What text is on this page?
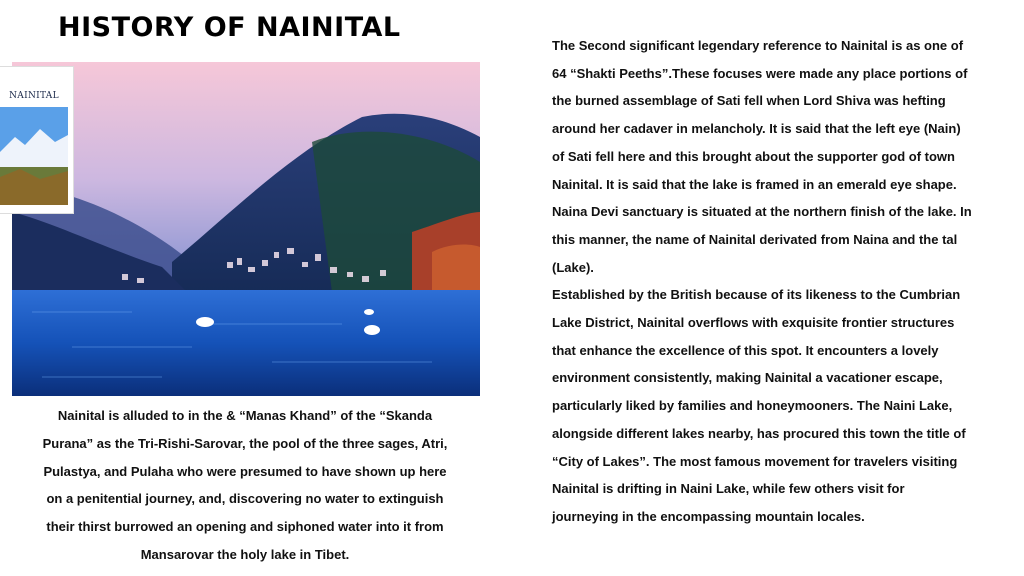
HISTORY OF NAINITAL
NAINITAL

Nainital is alluded to in the & “Manas Khand” of the “Skanda Purana” as the Tri-Rishi-Sarovar, the pool of the three sages, Atri, Pulastya, and Pulaha who were presumed to have shown up here on a penitential journey, and, discovering no water to extinguish their thirst burrowed an opening and siphoned water into it from Mansarovar the holy lake in Tibet.

The Second significant legendary reference to Nainital is as one of 64 “Shakti Peeths”.These focuses were made any place portions of the burned assemblage of Sati fell when Lord Shiva was hefting around her cadaver in melancholy. It is said that the left eye (Nain) of Sati fell here and this brought about the supporter god of town Nainital. It is said that the lake is framed in an emerald eye shape. Naina Devi sanctuary is situated at the northern finish of the lake. In this manner, the name of Nainital derivated from Naina and the tal (Lake).

Established by the British because of its likeness to the Cumbrian Lake District, Nainital overflows with exquisite frontier structures that enhance the excellence of this spot. It encounters a lovely environment consistently, making Nainital a vacationer escape, particularly liked by families and honeymooners. The Naini Lake, alongside different lakes nearby, has procured this town the title of “City of Lakes”. The most famous movement for travelers visiting Nainital is drifting in Naini Lake, while few others visit for journeying in the encompassing mountain locales.
